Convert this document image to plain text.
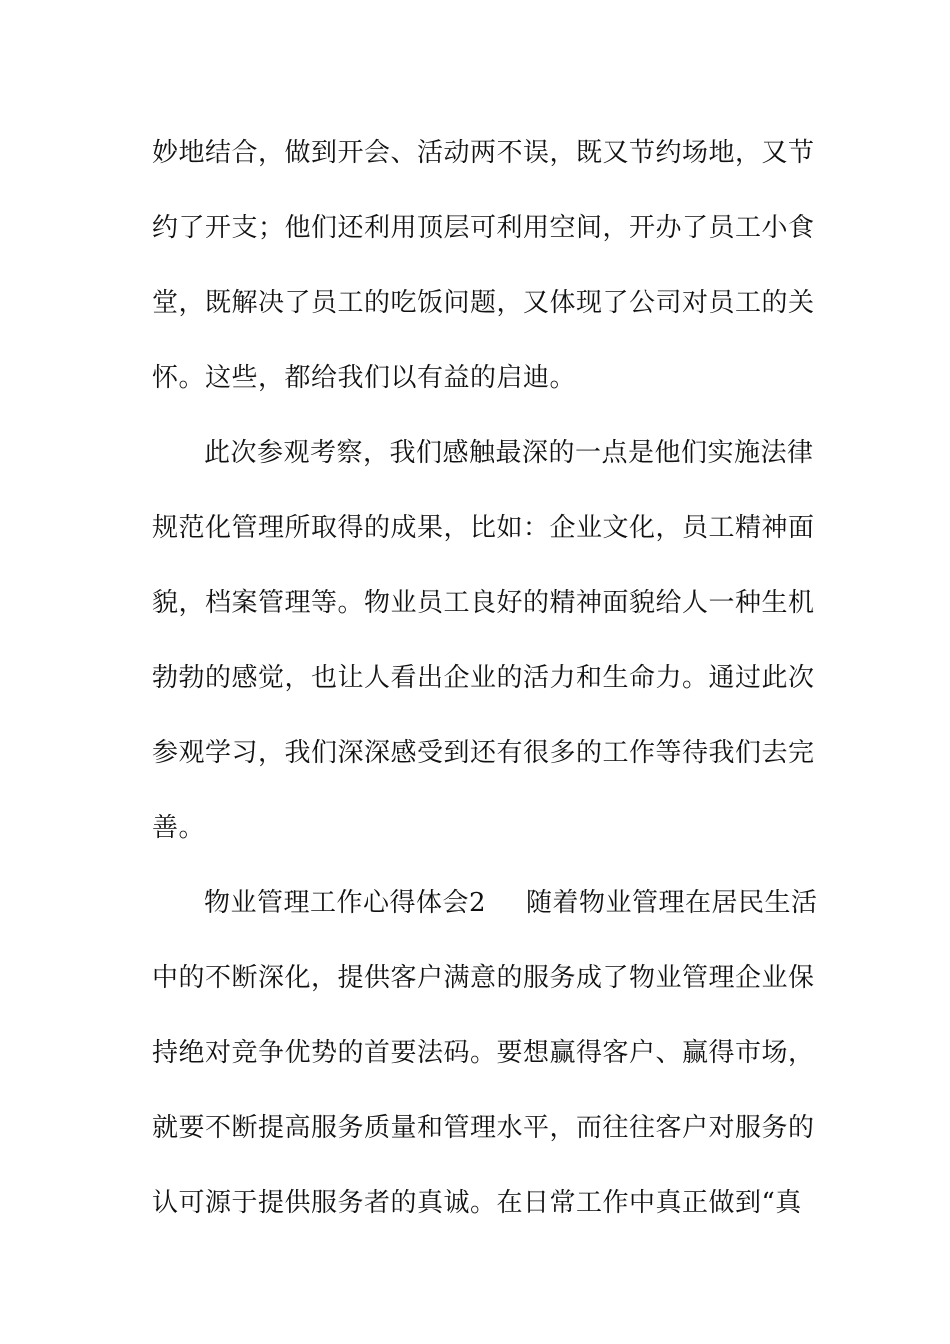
妙地结合，做到开会、活动两不误，既又节约场地，又节
约了开支；他们还利用顶层可利用空间，开办了员工小食
堂，既解决了员工的吃饭问题，又体现了公司对员工的关
怀。这些，都给我们以有益的启迪。
此次参观考察，我们感触最深的一点是他们实施法律
规范化管理所取得的成果，比如：企业文化，员工精神面
貌，档案管理等。物业员工良好的精神面貌给人一种生机
勃勃的感觉，也让人看出企业的活力和生命力。通过此次
参观学习，我们深深感受到还有很多的工作等待我们去完
善。
物业管理工作心得体会2 随着物业管理在居民生活
中的不断深化，提供客户满意的服务成了物业管理企业保
持绝对竞争优势的首要法码。要想赢得客户、赢得市场，
就要不断提高服务质量和管理水平，而往往客户对服务的
认可源于提供服务者的真诚。在日常工作中真正做到“真
